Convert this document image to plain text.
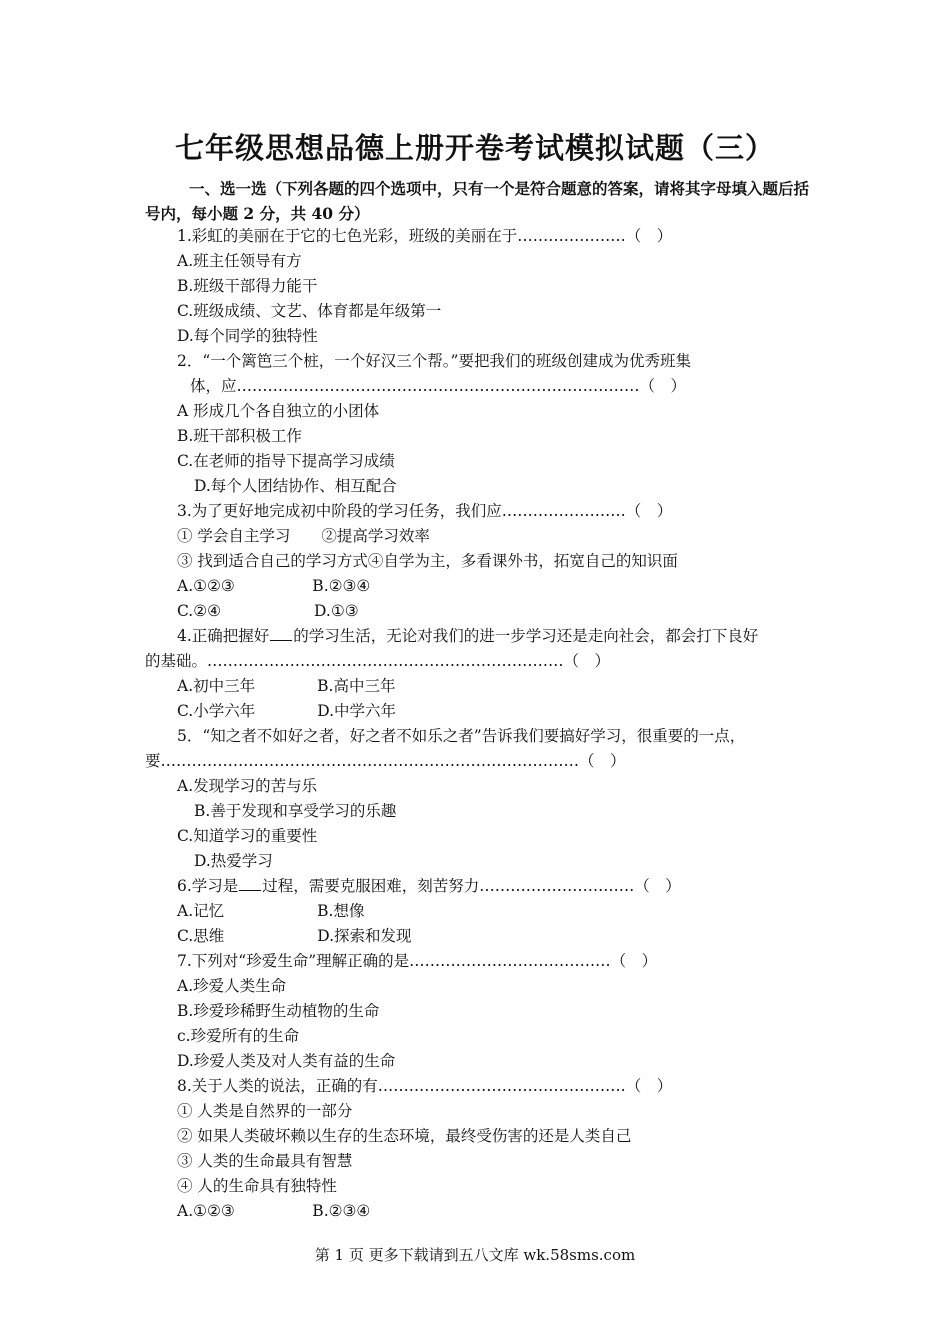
七年级思想品德上册开卷考试模拟试题（三）
一、选一选（下列各题的四个选项中，只有一个是符合题意的答案，请将其字母填入题后括号内，每小题 2 分，共 40 分）
1.彩虹的美丽在于它的七色光彩，班级的美丽在于…………………（　）
A.班主任领导有方
B.班级干部得力能干
C.班级成绩、文艺、体育都是年级第一
D.每个同学的独特性
2．“一个篱笆三个桩，一个好汉三个帮。”要把我们的班级创建成为优秀班集
体，应……………………………………………………………………（　）
A 形成几个各自独立的小团体
B.班干部积极工作
C.在老师的指导下提高学习成绩
D.每个人团结协作、相互配合
3.为了更好地完成初中阶段的学习任务，我们应……………………（　）
① 学会自主学习　　②提高学习效率
③ 找到适合自己的学习方式④自学为主，多看课外书，拓宽自己的知识面
A.①②③　　　　　B.②③④
C.②④　　　　　　D.①③
4.正确把握好 的学习生活，无论对我们的进一步学习还是走向社会，都会打下良好
的基础。……………………………………………………………（　）
A.初中三年　　　　B.高中三年
C.小学六年　　　　D.中学六年
5．“知之者不如好之者，好之者不如乐之者”告诉我们要搞好学习，很重要的一点，
要………………………………………………………………………（　）
A.发现学习的苦与乐
B.善于发现和享受学习的乐趣
C.知道学习的重要性
D.热爱学习
6.学习是 过程，需要克服困难，刻苦努力…………………………（　）
A.记忆　　　　　　B.想像
C.思维　　　　　　D.探索和发现
7.下列对“珍爱生命”理解正确的是…………………………………（　）
A.珍爱人类生命
B.珍爱珍稀野生动植物的生命
c.珍爱所有的生命
D.珍爱人类及对人类有益的生命
8.关于人类的说法，正确的有…………………………………………（　）
① 人类是自然界的一部分
② 如果人类破坏赖以生存的生态环境，最终受伤害的还是人类自己
③ 人类的生命最具有智慧
④ 人的生命具有独特性
A.①②③　　　　　B.②③④
第 1 页 更多下载请到五八文库 wk.58sms.com
